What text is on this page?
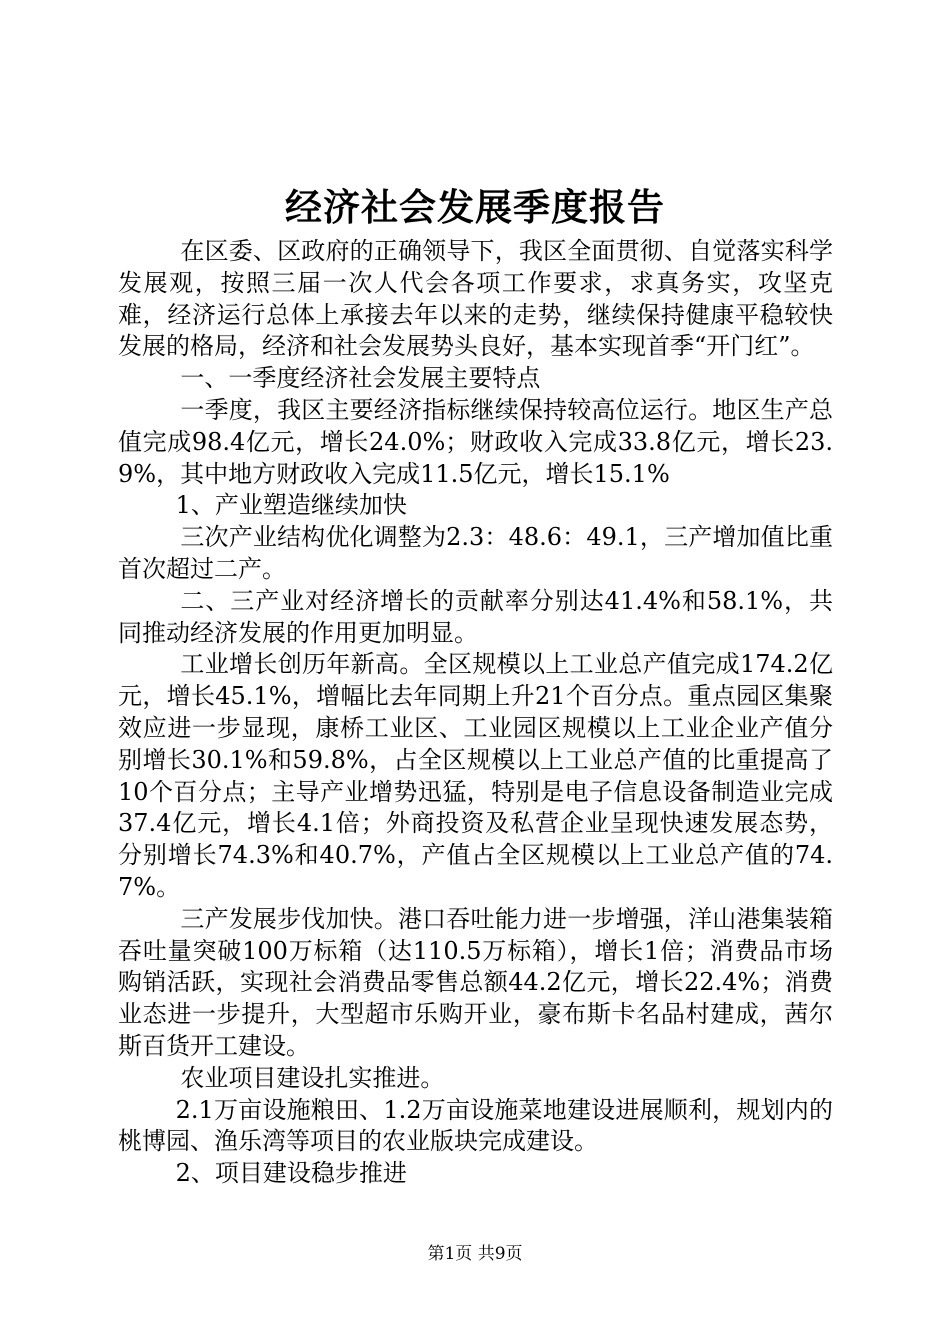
经济社会发展季度报告

在区委、区政府的正确领导下，我区全面贯彻、自觉落实科学发展观，按照三届一次人代会各项工作要求，求真务实，攻坚克难，经济运行总体上承接去年以来的走势，继续保持健康平稳较快发展的格局，经济和社会发展势头良好，基本实现首季“开门红”。

一、一季度经济社会发展主要特点

一季度，我区主要经济指标继续保持较高位运行。地区生产总值完成98.4亿元，增长24.0%；财政收入完成33.8亿元，增长23.9%，其中地方财政收入完成11.5亿元，增长15.1%

1、产业塑造继续加快

三次产业结构优化调整为2.3：48.6：49.1，三产增加值比重首次超过二产。

二、三产业对经济增长的贡献率分别达41.4%和58.1%，共同推动经济发展的作用更加明显。

工业增长创历年新高。全区规模以上工业总产值完成174.2亿元，增长45.1%，增幅比去年同期上升21个百分点。重点园区集聚效应进一步显现，康桥工业区、工业园区规模以上工业企业产值分别增长30.1%和59.8%，占全区规模以上工业总产值的比重提高了10个百分点；主导产业增势迅猛，特别是电子信息设备制造业完成37.4亿元，增长4.1倍；外商投资及私营企业呈现快速发展态势，分别增长74.3%和40.7%，产值占全区规模以上工业总产值的74.7%。

三产发展步伐加快。港口吞吐能力进一步增强，洋山港集装箱吞吐量突破100万标箱（达110.5万标箱），增长1倍；消费品市场购销活跃，实现社会消费品零售总额44.2亿元，增长22.4%；消费业态进一步提升，大型超市乐购开业，豪布斯卡名品村建成，茜尔斯百货开工建设。

农业项目建设扎实推进。

2.1万亩设施粮田、1.2万亩设施菜地建设进展顺利，规划内的桃博园、渔乐湾等项目的农业版块完成建设。

2、项目建设稳步推进

第1页 共9页
